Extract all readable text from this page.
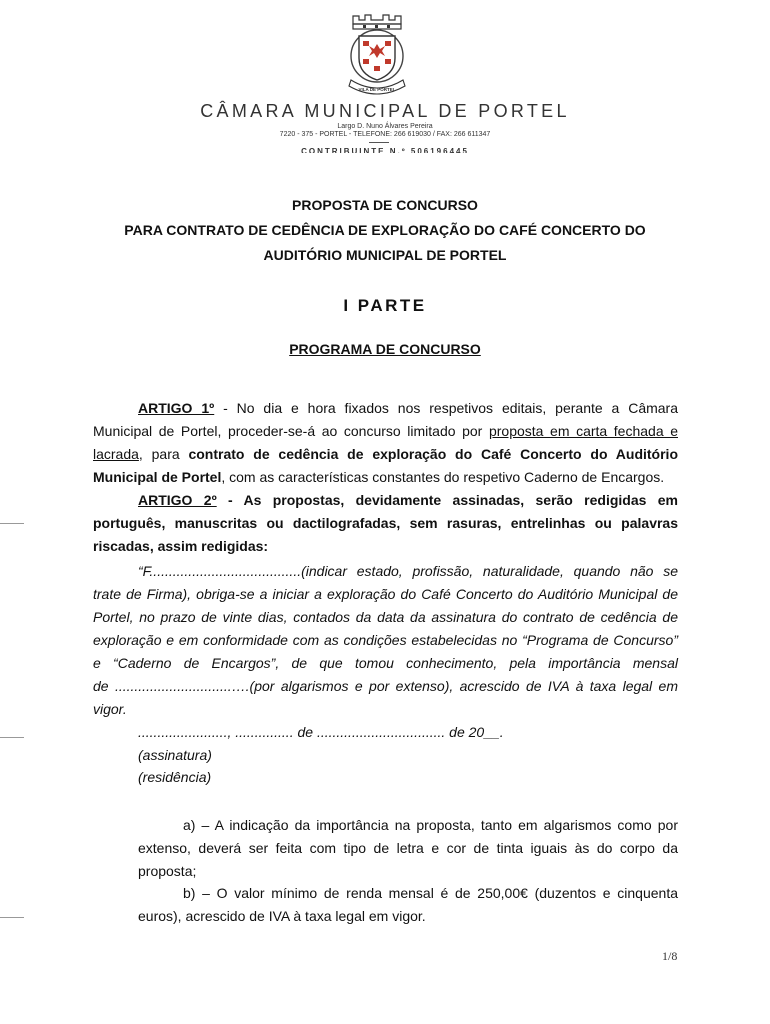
VILA DE PORTEL
CÂMARA MUNICIPAL DE PORTEL
Largo D. Nuno Álvares Pereira
7220 - 375 - PORTEL - TELEFONE: 266 619030 / FAX: 266 611347
CONTRIBUINTE N.º 506196445
PROPOSTA DE CONCURSO
PARA CONTRATO DE CEDÊNCIA DE EXPLORAÇÃO DO CAFÉ CONCERTO DO
AUDITÓRIO MUNICIPAL DE PORTEL
I PARTE
PROGRAMA DE CONCURSO
ARTIGO 1º - No dia e hora fixados nos respetivos editais, perante a Câmara
Municipal de Portel, proceder-se-á ao concurso limitado por proposta em carta fechada e
lacrada, para contrato de cedência de exploração do Café Concerto do Auditório
Municipal de Portel, com as características constantes do respetivo Caderno de Encargos.
ARTIGO 2º - As propostas, devidamente assinadas, serão redigidas em
português, manuscritas ou dactilografadas, sem rasuras, entrelinhas ou palavras
riscadas, assim redigidas:
“F.......................................(indicar estado, profissão, naturalidade, quando não se
trate de Firma), obriga-se a iniciar a exploração do Café Concerto do Auditório Municipal de
Portel, no prazo de vinte dias, contados da data da assinatura do contrato de cedência de
exploração e em conformidade com as condições estabelecidas no “Programa de Concurso”
e “Caderno de Encargos”, de que tomou conhecimento, pela importância mensal
de ..............................….(por algarismos e por extenso), acrescido de IVA à taxa legal em
vigor.
......................., ............... de ................................. de 20__.
(assinatura)
(residência)
a) – A indicação da importância na proposta, tanto em algarismos como por
extenso, deverá ser feita com tipo de letra e cor de tinta iguais às do corpo da
proposta;
b) – O valor mínimo de renda mensal é de 250,00€ (duzentos e cinquenta
euros), acrescido de IVA à taxa legal em vigor.
1/8
